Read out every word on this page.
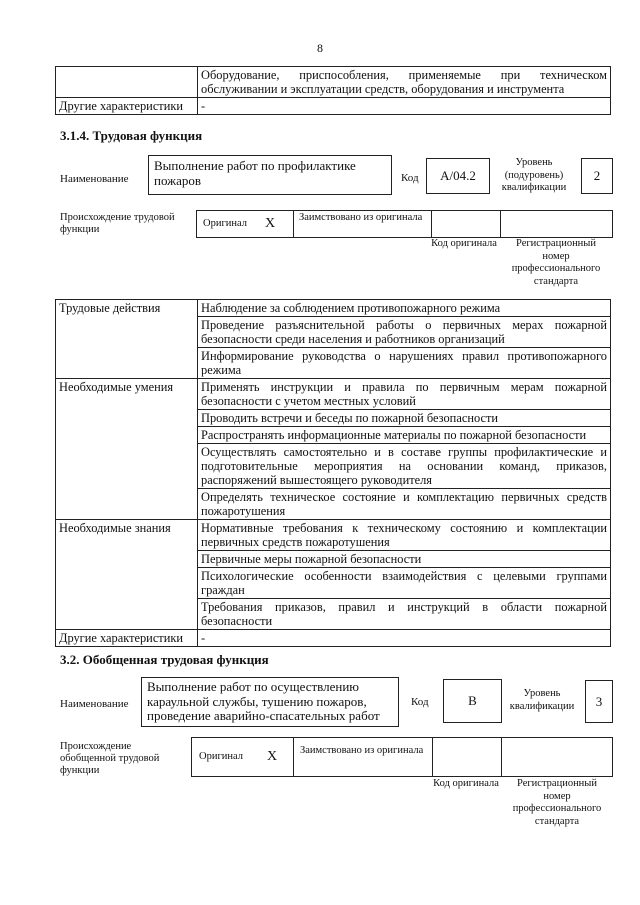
8
	Оборудование, приспособления, применяемые при техническом обслуживании и эксплуатации средств, оборудования и инструмента
Другие характеристики	-
3.1.4. Трудовая функция
Наименование
Выполнение работ по профилактике пожаров	Код	А/04.2
Уровень (подуровень) квалификации
2
Происхождение трудовой функции
Оригинал X Заимствовано из оригинала
Код оригинала	Регистрационный номер профессионального стандарта
Трудовые действия	Наблюдение за соблюдением противопожарного режима
	Проведение разъяснительной работы о первичных мерах пожарной безопасности среди населения и работников организаций
	Информирование руководства о нарушениях правил противопожарного режима
Необходимые умения	Применять инструкции и правила по первичным мерам пожарной безопасности с учетом местных условий
	Проводить встречи и беседы по пожарной безопасности
	Распространять информационные материалы по пожарной безопасности
	Осуществлять самостоятельно и в составе группы профилактические и подготовительные мероприятия на основании команд, приказов, распоряжений вышестоящего руководителя
	Определять техническое состояние и комплектацию первичных средств пожаротушения
Необходимые знания	Нормативные требования к техническому состоянию и комплектации первичных средств пожаротушения
	Первичные меры пожарной безопасности
	Психологические особенности взаимодействия с целевыми группами граждан
	Требования приказов, правил и инструкций в области пожарной безопасности
Другие характеристики	-
3.2. Обобщенная трудовая функция
Наименование
Выполнение работ по осуществлению караульной службы, тушению пожаров, проведение аварийно-спасательных работ
Код	B	Уровень квалификации	3
Происхождение обобщенной трудовой функции
Оригинал X Заимствовано из оригинала
Код оригинала	Регистрационный номер профессионального стандарта
